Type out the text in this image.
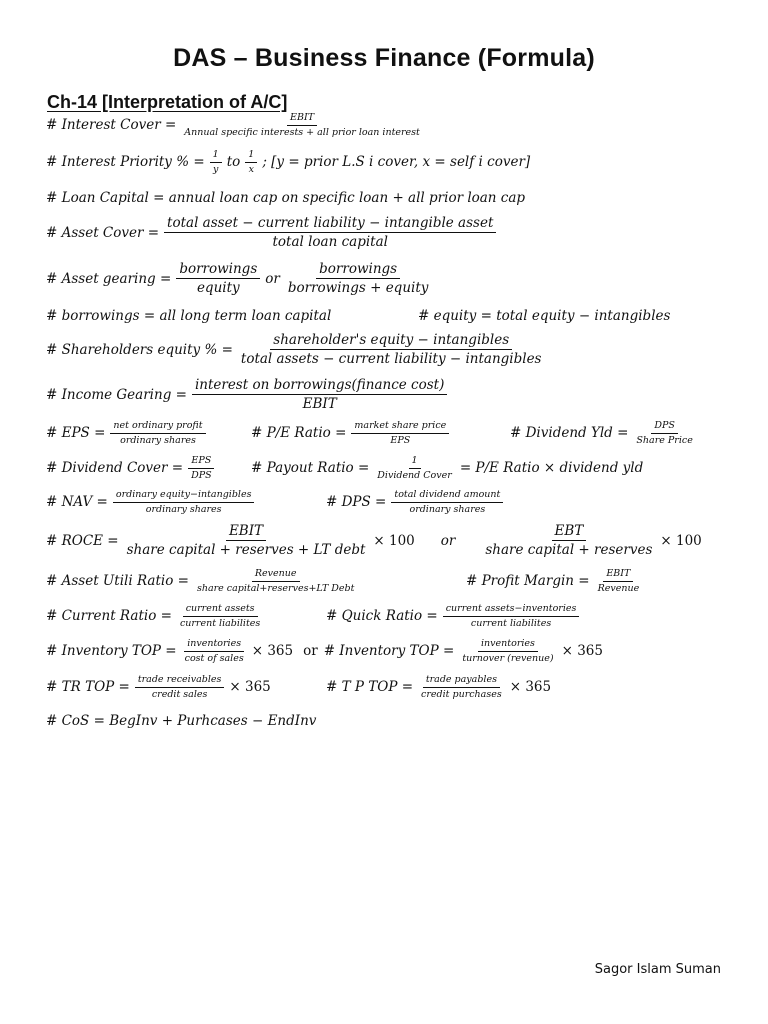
DAS – Business Finance (Formula)
Ch-14 [Interpretation of A/C]
# Interest Cover = $\frac{\text{EBIT}}{\text{Annual specific interests + all prior loan interest}}$
# Interest Priority % = $\frac{1}{y}$ to $\frac{1}{x}$ ; [y = prior L.S i cover, x = self i cover]
# Loan Capital = annual loan cap on specific loan + all prior loan cap
# Asset Cover = $\frac{\text{total asset − current liability − intangible asset}}{\text{total loan capital}}$
# Asset gearing = $\frac{\text{borrowings}}{\text{equity}}$ or $\frac{\text{borrowings}}{\text{borrowings + equity}}$
# borrowings = all long term loan capital	# equity = total equity − intangibles
# Shareholders equity % = $\frac{\text{shareholder's equity − intangibles}}{\text{total assets − current liability − intangibles}}$
# Income Gearing = $\frac{\text{interest on borrowings(finance cost)}}{\text{EBIT}}$
# EPS = $\frac{\text{net ordinary profit}}{\text{ordinary shares}}$	# P/E Ratio = $\frac{\text{market share price}}{\text{EPS}}$	# Dividend Yld = $\frac{\text{DPS}}{\text{Share Price}}$
# Dividend Cover = $\frac{\text{EPS}}{\text{DPS}}$	# Payout Ratio = $\frac{1}{\text{Dividend Cover}} = P/E$ Ratio × dividend yld
# NAV = $\frac{\text{ordinary equity−intangibles}}{\text{ordinary shares}}$	# DPS = $\frac{\text{total dividend amount}}{\text{ordinary shares}}$
# ROCE = $\frac{\text{EBIT}}{\text{share capital + reserves + LT debt}} \times 100$ or $\frac{\text{EBT}}{\text{share capital + reserves}} \times 100$
# Asset Utili Ratio = $\frac{\text{Revenue}}{\text{share capital+reserves+LT Debt}}$	# Profit Margin = $\frac{\text{EBIT}}{\text{Revenue}}$
# Current Ratio = $\frac{\text{current assets}}{\text{current liabilites}}$	# Quick Ratio = $\frac{\text{current assets−inventories}}{\text{current liabilites}}$
# Inventory TOP = $\frac{\text{inventories}}{\text{cost of sales}} \times 365$ or # Inventory TOP = $\frac{\text{inventories}}{\text{turnover (revenue)}} \times 365$
# TR TOP = $\frac{\text{trade receivables}}{\text{credit sales}} \times 365$	# T P TOP = $\frac{\text{trade payables}}{\text{credit purchases}} \times 365$
# CoS = BegInv + Purhcases − EndInv
Sagor Islam Suman
